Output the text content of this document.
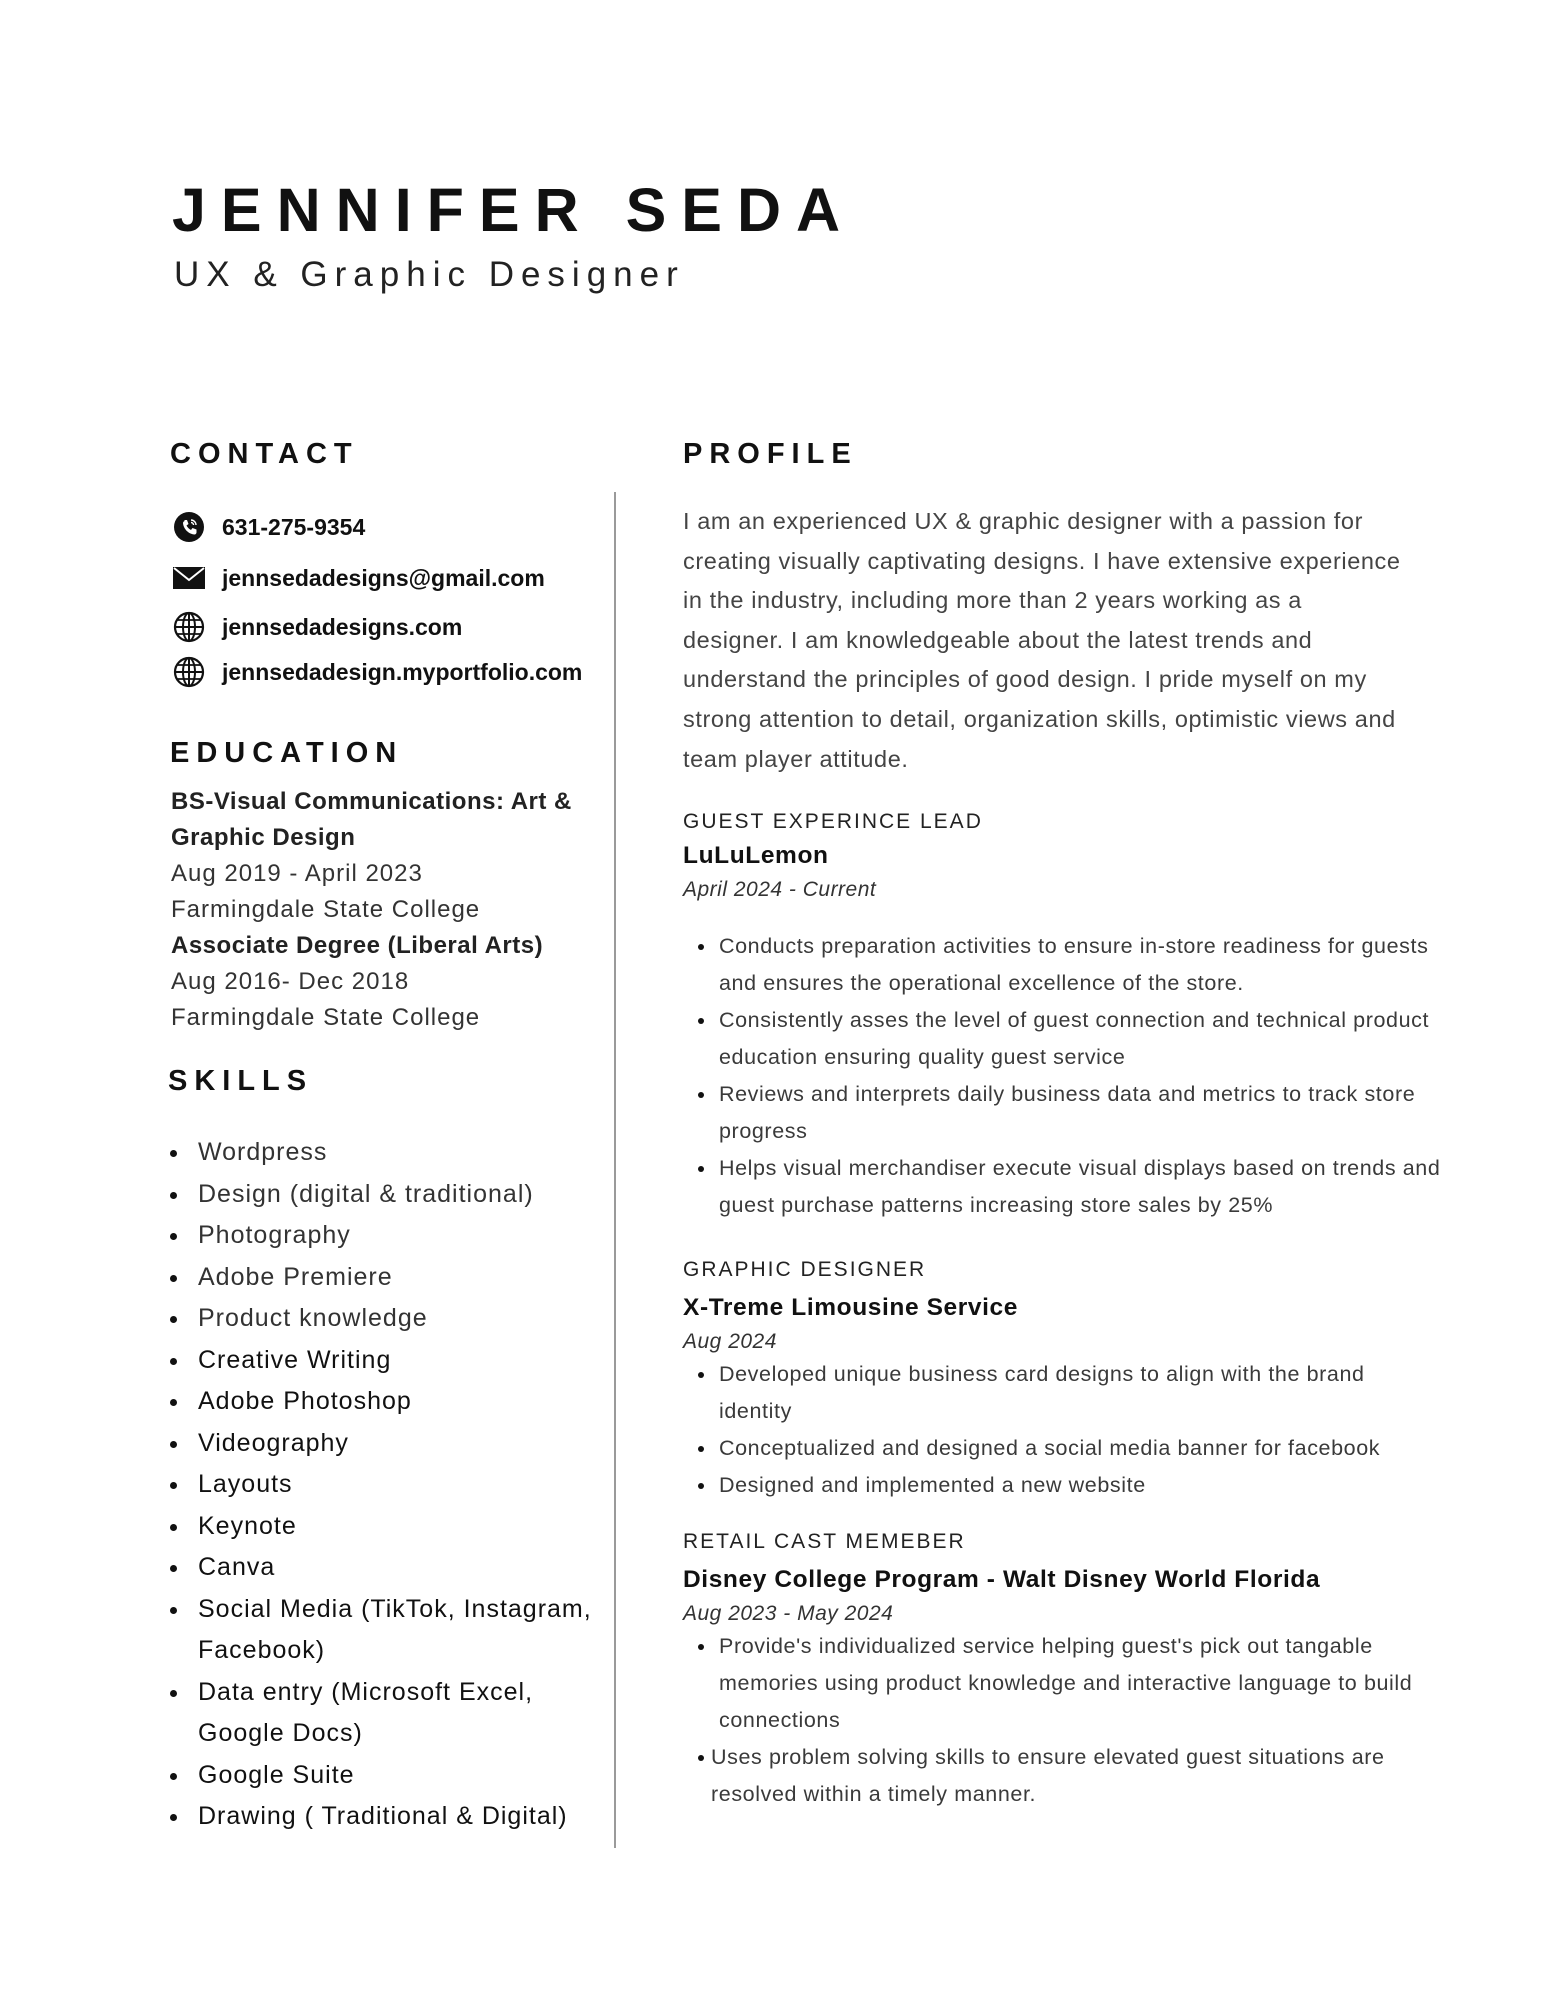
JENNIFER SEDA
UX & Graphic Designer
CONTACT
631-275-9354
jennsedadesigns@gmail.com
jennsedadesigns.com
jennsedadesign.myportfolio.com
EDUCATION
BS-Visual Communications: Art & Graphic Design
Aug 2019 - April 2023
Farmingdale State College
Associate Degree (Liberal Arts)
Aug 2016- Dec 2018
Farmingdale State College
SKILLS
Wordpress
Design (digital & traditional)
Photography
Adobe Premiere
Product knowledge
Creative Writing
Adobe Photoshop
Videography
Layouts
Keynote
Canva
Social Media (TikTok, Instagram, Facebook)
Data entry (Microsoft Excel, Google Docs)
Google Suite
Drawing ( Traditional & Digital)
PROFILE

I am an experienced UX & graphic designer with a passion for creating visually captivating designs. I have extensive experience in the industry, including more than 2 years working as a designer. I am knowledgeable about the latest trends and understand the principles of good design. I pride myself on my strong attention to detail, organization skills, optimistic views and team player attitude.

GUEST EXPERINCE LEAD

LuLuLemon

April 2024 - Current

Conducts preparation activities to ensure in-store readiness for guests and ensures the operational excellence of the store.
Consistently asses the level of guest connection and technical product education ensuring quality guest service
Reviews and interprets daily business data and metrics to track store progress
Helps visual merchandiser execute visual displays based on trends and guest purchase patterns increasing store sales by 25%

GRAPHIC DESIGNER

X-Treme Limousine Service

Aug 2024

Developed unique business card designs to align with the brand identity
Conceptualized and designed a social media banner for facebook
Designed and implemented a new website

RETAIL CAST MEMEBER

Disney College Program - Walt Disney World Florida

Aug 2023 - May 2024

Provide's individualized service helping guest's pick out tangable memories using product knowledge and interactive language to build connections
Uses problem solving skills to ensure elevated guest situations are resolved within a timely manner.
